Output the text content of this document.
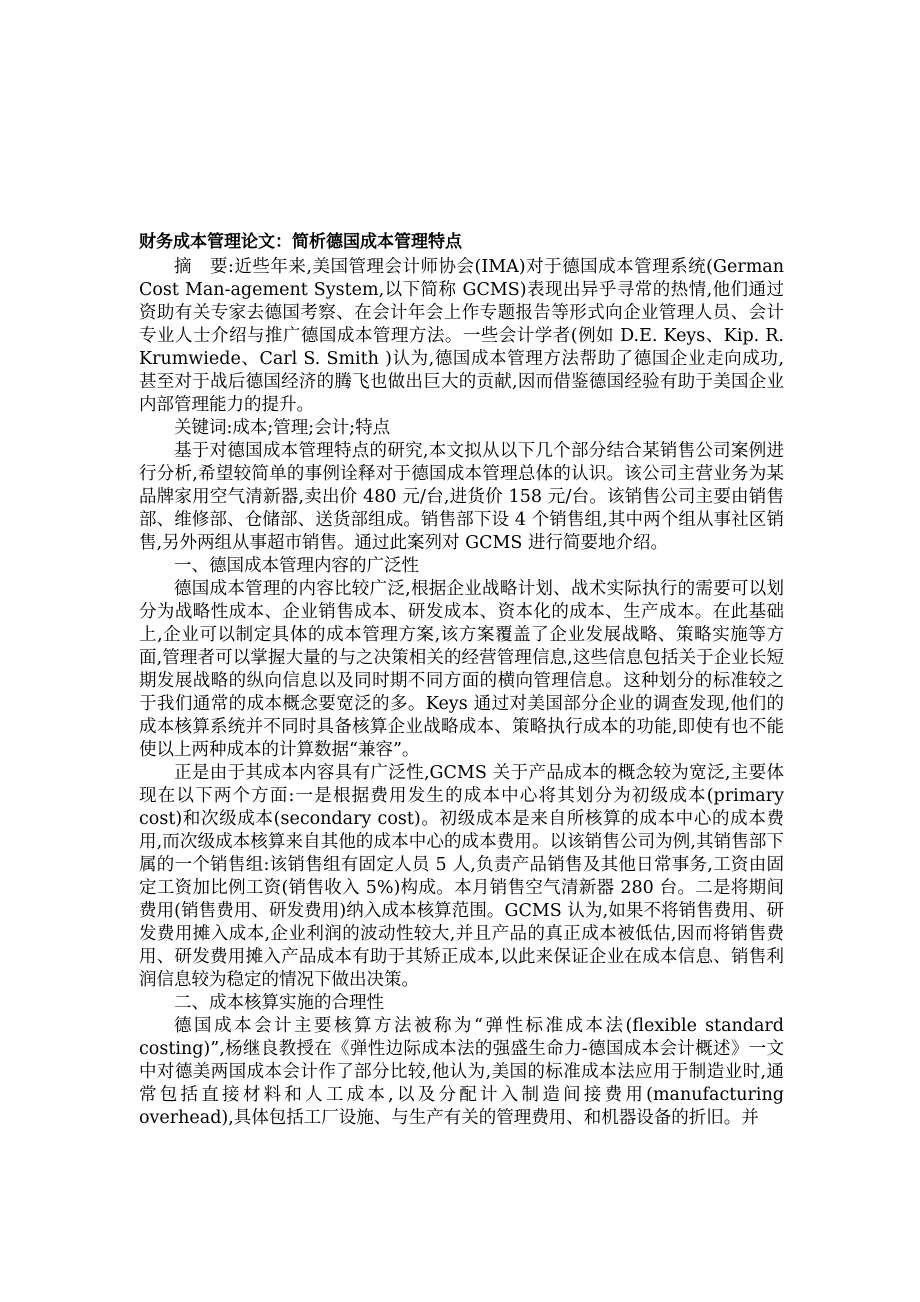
财务成本管理论文：简析德国成本管理特点

摘　要:近些年来,美国管理会计师协会(IMA)对于德国成本管理系统(German Cost Man-agement System,以下简称 GCMS)表现出异乎寻常的热情,他们通过资助有关专家去德国考察、在会计年会上作专题报告等形式向企业管理人员、会计专业人士介绍与推广德国成本管理方法。一些会计学者(例如 D.E. Keys、Kip. R. Krumwiede、Carl S. Smith )认为,德国成本管理方法帮助了德国企业走向成功,甚至对于战后德国经济的腾飞也做出巨大的贡献,因而借鉴德国经验有助于美国企业内部管理能力的提升。

关键词:成本;管理;会计;特点

基于对德国成本管理特点的研究,本文拟从以下几个部分结合某销售公司案例进行分析,希望较简单的事例诠释对于德国成本管理总体的认识。该公司主营业务为某品牌家用空气清新器,卖出价 480 元/台,进货价 158 元/台。该销售公司主要由销售部、维修部、仓储部、送货部组成。销售部下设 4 个销售组,其中两个组从事社区销售,另外两组从事超市销售。通过此案列对 GCMS 进行简要地介绍。

一、德国成本管理内容的广泛性

德国成本管理的内容比较广泛,根据企业战略计划、战术实际执行的需要可以划分为战略性成本、企业销售成本、研发成本、资本化的成本、生产成本。在此基础上,企业可以制定具体的成本管理方案,该方案覆盖了企业发展战略、策略实施等方面,管理者可以掌握大量的与之决策相关的经营管理信息,这些信息包括关于企业长短期发展战略的纵向信息以及同时期不同方面的横向管理信息。这种划分的标准较之于我们通常的成本概念要宽泛的多。Keys 通过对美国部分企业的调查发现,他们的成本核算系统并不同时具备核算企业战略成本、策略执行成本的功能,即使有也不能使以上两种成本的计算数据“兼容”。

正是由于其成本内容具有广泛性,GCMS 关于产品成本的概念较为宽泛,主要体现在以下两个方面:一是根据费用发生的成本中心将其划分为初级成本(primary cost)和次级成本(secondary cost)。初级成本是来自所核算的成本中心的成本费用,而次级成本核算来自其他的成本中心的成本费用。以该销售公司为例,其销售部下属的一个销售组:该销售组有固定人员 5 人,负责产品销售及其他日常事务,工资由固定工资加比例工资(销售收入 5%)构成。本月销售空气清新器 280 台。二是将期间费用(销售费用、研发费用)纳入成本核算范围。GCMS 认为,如果不将销售费用、研发费用摊入成本,企业利润的波动性较大,并且产品的真正成本被低估,因而将销售费用、研发费用摊入产品成本有助于其矫正成本,以此来保证企业在成本信息、销售利润信息较为稳定的情况下做出决策。

二、成本核算实施的合理性

德国成本会计主要核算方法被称为“弹性标准成本法(flexible standard costing)”,杨继良教授在《弹性边际成本法的强盛生命力-德国成本会计概述》一文中对德美两国成本会计作了部分比较,他认为,美国的标准成本法应用于制造业时,通常包括直接材料和人工成本,以及分配计入制造间接费用(manufacturing overhead),具体包括工厂设施、与生产有关的管理费用、和机器设备的折旧。并
